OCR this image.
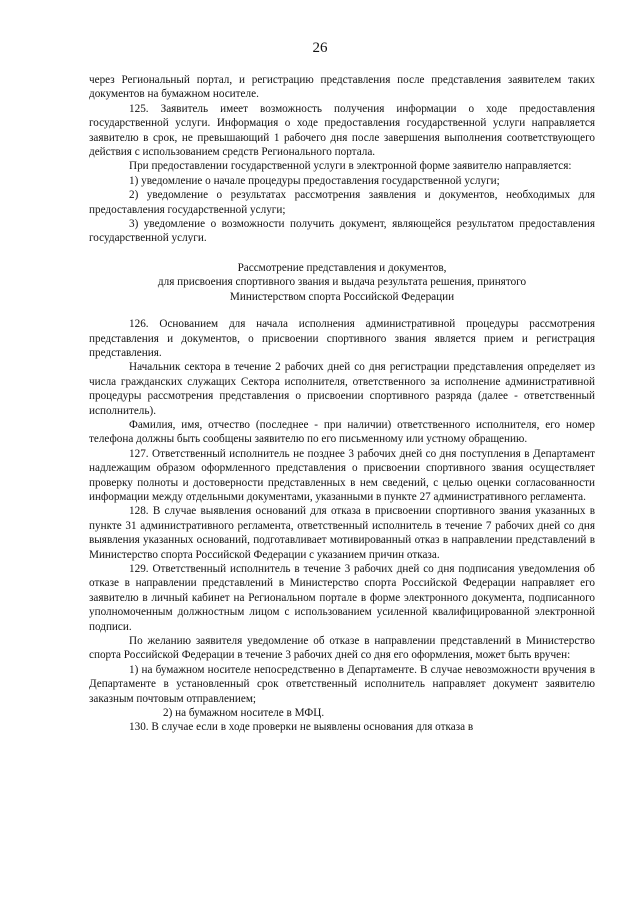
26

через Региональный портал, и регистрацию представления после представления заявителем таких документов на бумажном носителе.

125. Заявитель имеет возможность получения информации о ходе предоставления государственной услуги. Информация о ходе предоставления государственной услуги направляется заявителю в срок, не превышающий 1 рабочего дня после завершения выполнения соответствующего действия с использованием средств Регионального портала.

При предоставлении государственной услуги в электронной форме заявителю направляется:

1) уведомление о начале процедуры предоставления государственной услуги;

2) уведомление о результатах рассмотрения заявления и документов, необходимых для предоставления государственной услуги;

3) уведомление о возможности получить документ, являющейся результатом предоставления государственной услуги.

Рассмотрение представления и документов,
для присвоения спортивного звания и выдача результата решения, принятого
Министерством спорта Российской Федерации

126. Основанием для начала исполнения административной процедуры рассмотрения представления и документов, о присвоении спортивного звания является прием и регистрация представления.

Начальник сектора в течение 2 рабочих дней со дня регистрации представления определяет из числа гражданских служащих Сектора исполнителя, ответственного за исполнение административной процедуры рассмотрения представления о присвоении спортивного разряда (далее - ответственный исполнитель).

Фамилия, имя, отчество (последнее - при наличии) ответственного исполнителя, его номер телефона должны быть сообщены заявителю по его письменному или устному обращению.

127. Ответственный исполнитель не позднее 3 рабочих дней со дня поступления в Департамент надлежащим образом оформленного представления о присвоении спортивного звания осуществляет проверку полноты и достоверности представленных в нем сведений, с целью оценки согласованности информации между отдельными документами, указанными в пункте 27 административного регламента.

128. В случае выявления оснований для отказа в присвоении спортивного звания указанных в пункте 31 административного регламента, ответственный исполнитель в течение 7 рабочих дней со дня выявления указанных оснований, подготавливает мотивированный отказ в направлении представлений в Министерство спорта Российской Федерации с указанием причин отказа.

129. Ответственный исполнитель в течение 3 рабочих дней со дня подписания уведомления об отказе в направлении представлений в Министерство спорта Российской Федерации направляет его заявителю в личный кабинет на Региональном портале в форме электронного документа, подписанного уполномоченным должностным лицом с использованием усиленной квалифицированной электронной подписи.

По желанию заявителя уведомление об отказе в направлении представлений в Министерство спорта Российской Федерации в течение 3 рабочих дней со дня его оформления, может быть вручен:

1) на бумажном носителе непосредственно в Департаменте. В случае невозможности вручения в Департаменте в установленный срок ответственный исполнитель направляет документ заявителю заказным почтовым отправлением;

2) на бумажном носителе в МФЦ.

130. В случае если в ходе проверки не выявлены основания для отказа в
